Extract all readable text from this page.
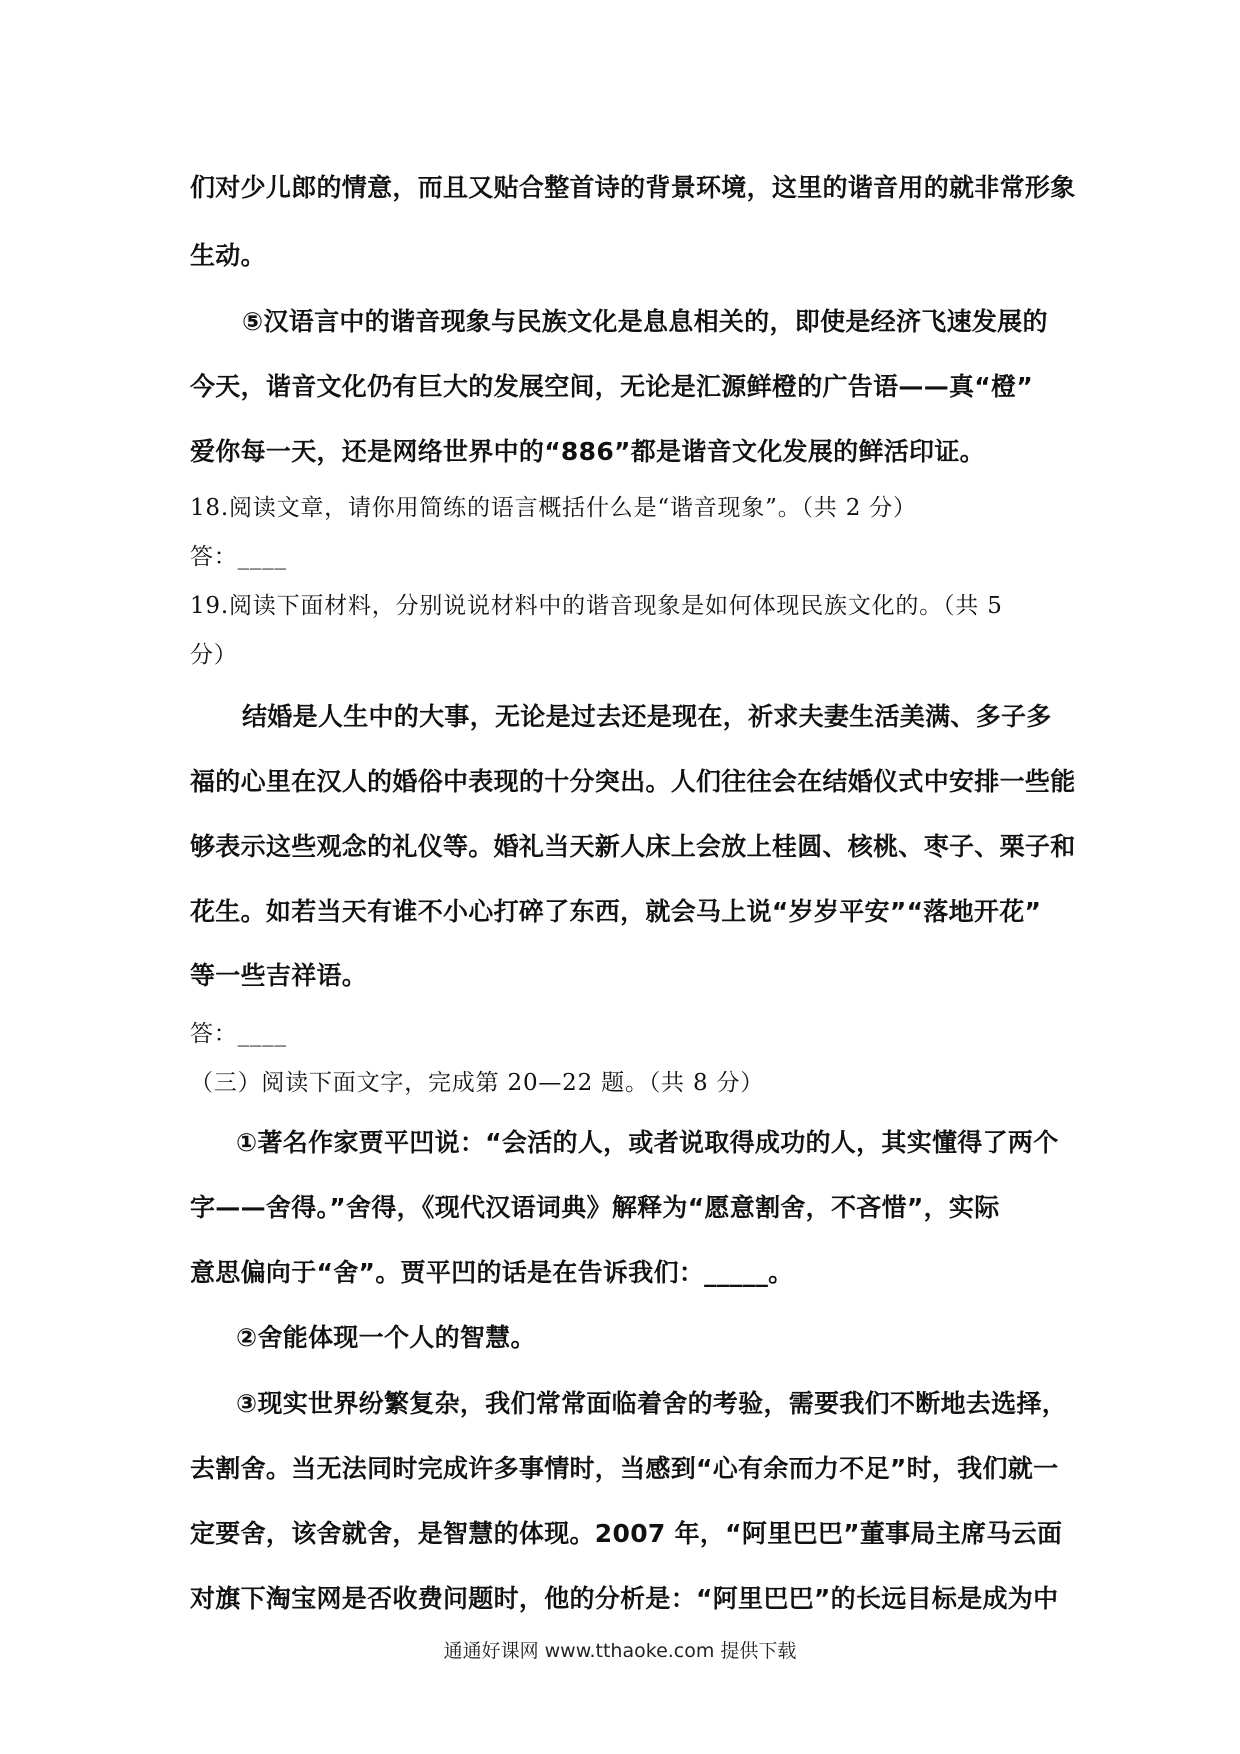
们对少儿郎的情意，而且又贴合整首诗的背景环境，这里的谐音用的就非常形象

生动。

⑤汉语言中的谐音现象与民族文化是息息相关的，即使是经济飞速发展的

今天，谐音文化仍有巨大的发展空间，无论是汇源鲜橙的广告语——真“橙”

爱你每一天，还是网络世界中的“886”都是谐音文化发展的鲜活印证。

18.阅读文章，请你用简练的语言概括什么是“谐音现象”。（共 2 分）

答：____

19.阅读下面材料，分别说说材料中的谐音现象是如何体现民族文化的。（共 5

分）

结婚是人生中的大事，无论是过去还是现在，祈求夫妻生活美满、多子多

福的心里在汉人的婚俗中表现的十分突出。人们往往会在结婚仪式中安排一些能

够表示这些观念的礼仪等。婚礼当天新人床上会放上桂圆、核桃、枣子、栗子和

花生。如若当天有谁不小心打碎了东西，就会马上说“岁岁平安”“落地开花”

等一些吉祥语。

答：____

（三）阅读下面文字，完成第 20—22 题。（共 8 分）

①著名作家贾平凹说：“会活的人，或者说取得成功的人，其实懂得了两个

字——舍得。”舍得，《现代汉语词典》解释为“愿意割舍，不吝惜”，实际

意思偏向于“舍”。贾平凹的话是在告诉我们：_____。

②舍能体现一个人的智慧。

③现实世界纷繁复杂，我们常常面临着舍的考验，需要我们不断地去选择，

去割舍。当无法同时完成许多事情时，当感到“心有余而力不足”时，我们就一

定要舍，该舍就舍，是智慧的体现。2007 年，“阿里巴巴”董事局主席马云面

对旗下淘宝网是否收费问题时，他的分析是：“阿里巴巴”的长远目标是成为中

通通好课网 www.tthaoke.com 提供下载
